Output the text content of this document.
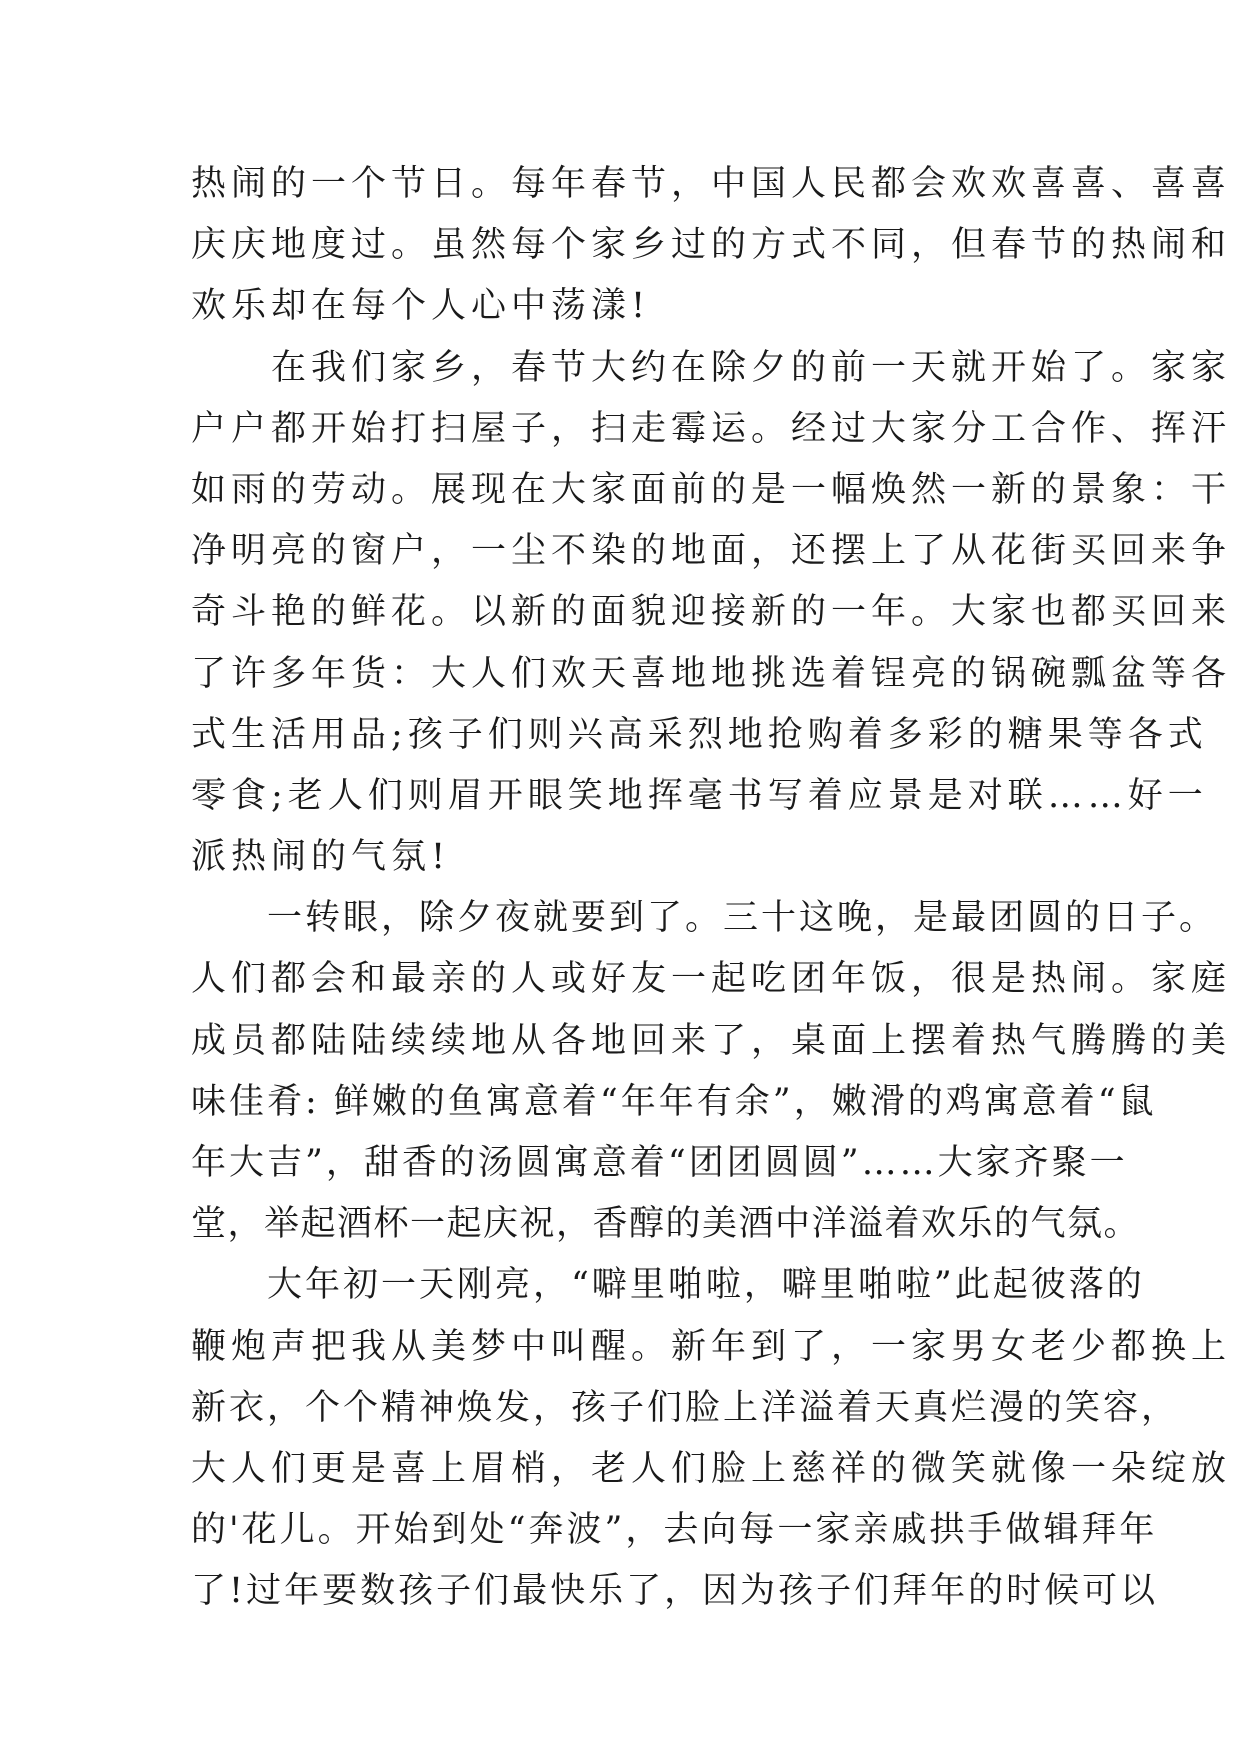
热闹的一个节日。每年春节，中国人民都会欢欢喜喜、喜喜
庆庆地度过。虽然每个家乡过的方式不同，但春节的热闹和
欢乐却在每个人心中荡漾!
　　在我们家乡，春节大约在除夕的前一天就开始了。家家
户户都开始打扫屋子，扫走霉运。经过大家分工合作、挥汗
如雨的劳动。展现在大家面前的是一幅焕然一新的景象：干
净明亮的窗户，一尘不染的地面，还摆上了从花街买回来争
奇斗艳的鲜花。以新的面貌迎接新的一年。大家也都买回来
了许多年货：大人们欢天喜地地挑选着锃亮的锅碗瓢盆等各
式生活用品;孩子们则兴高采烈地抢购着多彩的糖果等各式
零食;老人们则眉开眼笑地挥毫书写着应景是对联……好一
派热闹的气氛!
　　一转眼，除夕夜就要到了。三十这晚，是最团圆的日子。
人们都会和最亲的人或好友一起吃团年饭，很是热闹。家庭
成员都陆陆续续地从各地回来了，桌面上摆着热气腾腾的美
味佳肴: 鲜嫩的鱼寓意着“年年有余”，嫩滑的鸡寓意着“鼠
年大吉”，甜香的汤圆寓意着“团团圆圆”……大家齐聚一
堂，举起酒杯一起庆祝，香醇的美酒中洋溢着欢乐的气氛。
　　大年初一天刚亮，“噼里啪啦，噼里啪啦”此起彼落的
鞭炮声把我从美梦中叫醒。新年到了，一家男女老少都换上
新衣，个个精神焕发，孩子们脸上洋溢着天真烂漫的笑容，
大人们更是喜上眉梢，老人们脸上慈祥的微笑就像一朵绽放
的'花儿。开始到处“奔波”，去向每一家亲戚拱手做辑拜年
了!过年要数孩子们最快乐了，因为孩子们拜年的时候可以
